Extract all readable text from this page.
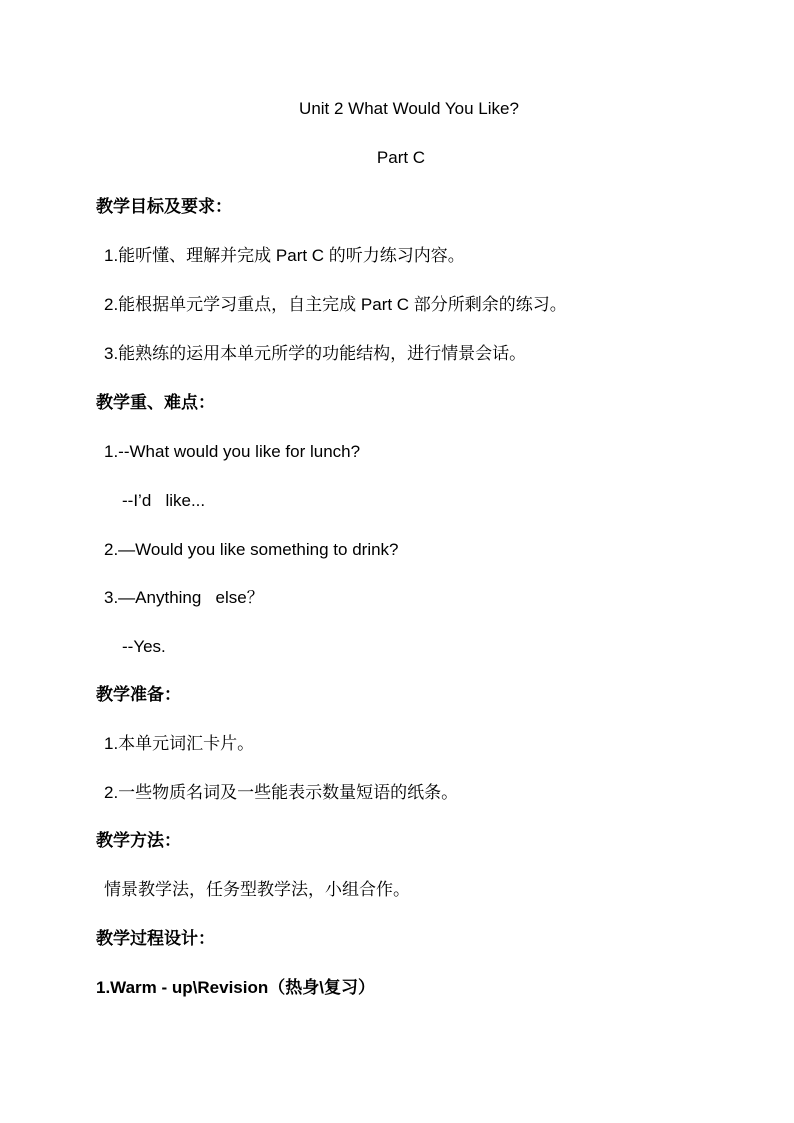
Unit 2 What Would You Like?
Part C
教学目标及要求：
1.能听懂、理解并完成 Part C 的听力练习内容。
2.能根据单元学习重点，自主完成 Part C 部分所剩余的练习。
3.能熟练的运用本单元所学的功能结构，进行情景会话。
教学重、难点：
1.--What would you like for lunch?
--I’d   like...
2.—Would you like something to drink?
3.—Anything   else？
--Yes.
教学准备：
1.本单元词汇卡片。
2.一些物质名词及一些能表示数量短语的纸条。
教学方法：
情景教学法，任务型教学法，小组合作。
教学过程设计：
1.Warm - up\Revision（热身\复习）
